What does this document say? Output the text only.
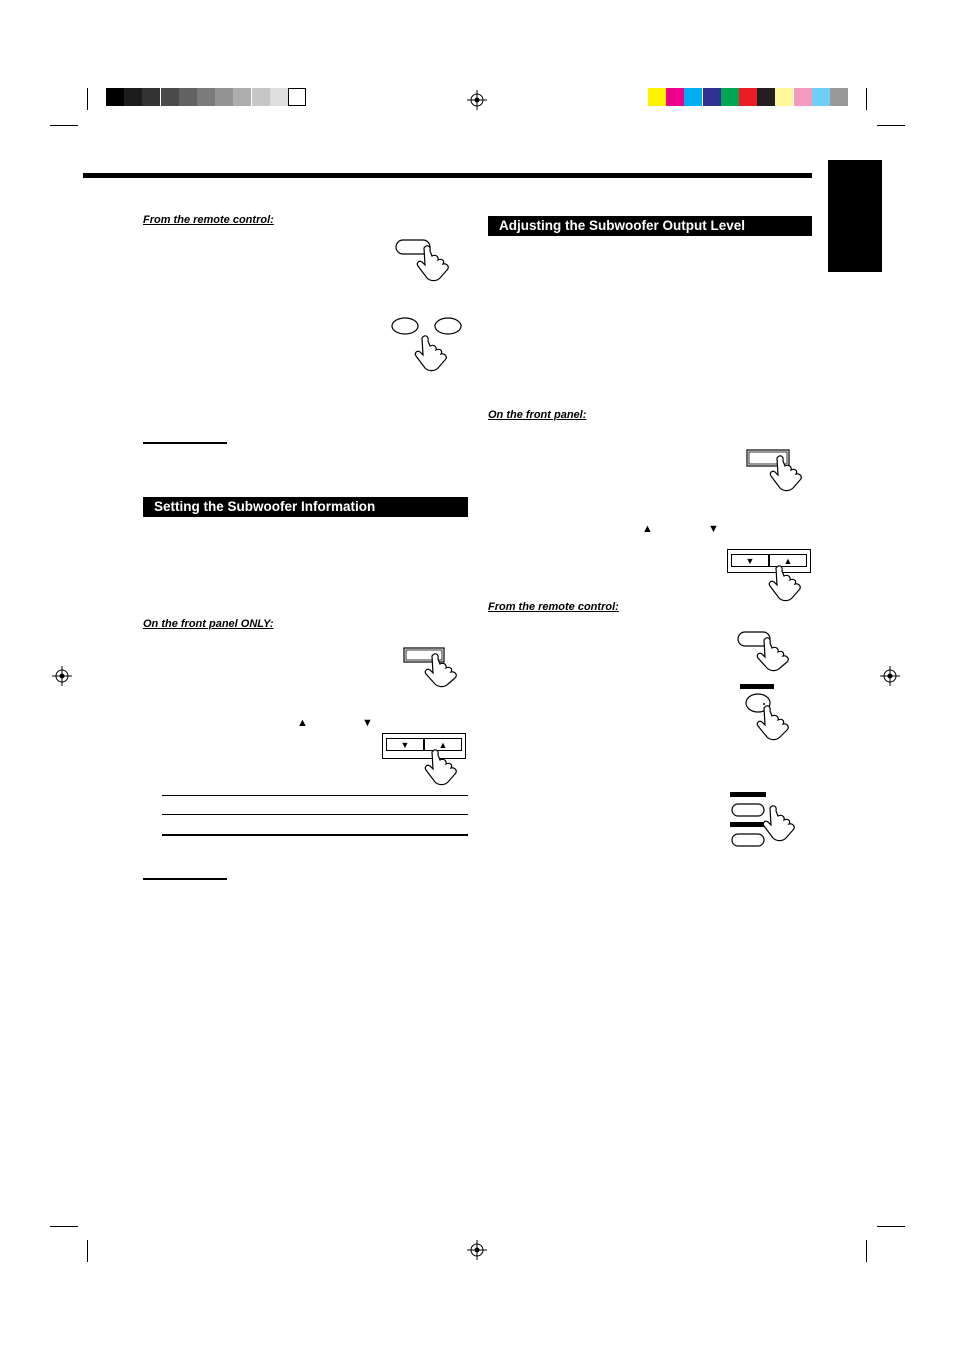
From the remote control:
Setting the Subwoofer Information
On the front panel ONLY:
▲	▼
▼	▲
Adjusting the Subwoofer Output Level
On the front panel:
▲	▼
▼	▲
From the remote control:
